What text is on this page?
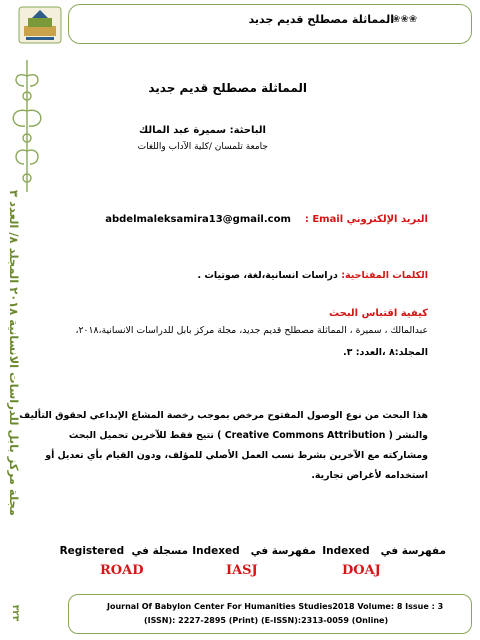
المماثلة مصطلح قديم جديد
❀❀❀
مجلة مركز بابل للدراسات الانسانية ٢٠١٨ المجلد ٨/ العدد ٣
٣٢٣
المماثلة مصطلح قديم جديد
الباحثة: سميرة عبد المالك
جامعة تلمسان /كلية الآداب واللغات
البريد الإلكتروني Email :    abdelmaleksamira13@gmail.com
الكلمات المفتاحية: دراسات انسانية،لغة، صوتيات .
كيفية اقتباس البحث
عبدالمالك ، سميرة ، المماثلة مصطلح قديم جديد، مجلة مركز بابل للدراسات الانسانية،٢٠١٨،
المجلد:٨ ،العدد: ٣.
هذا البحث من نوع الوصول المفتوح مرخص بموجب رخصة المشاع الإبداعي لحقوق التأليف
والنشر ( Creative Commons Attribution ) تتيح فقط للآخرين تحميل البحث
ومشاركته مع الآخرين بشرط نسب العمل الأصلي للمؤلف، ودون القيام بأي تعديل أو
استخدامه لأغراض تجارية.
مفهرسة في   Indexed
DOAJ
مفهرسة في   Indexed
IASJ
مسجلة في  Registered
ROAD
Journal Of Babylon Center For Humanities Studies2018 Volume: 8 Issue : 3
(ISSN): 2227-2895 (Print) (E-ISSN):2313-0059 (Online)
